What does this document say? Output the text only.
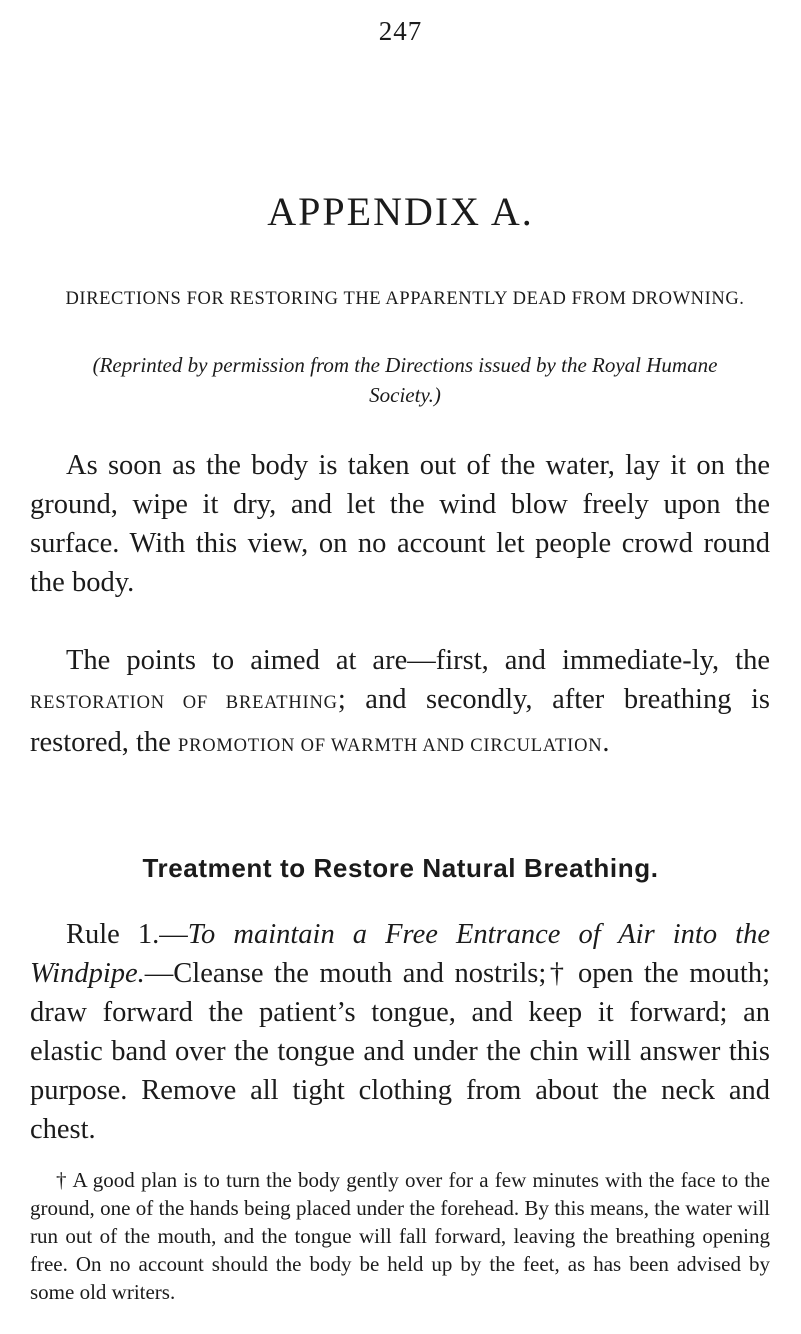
247
APPENDIX A.
DIRECTIONS FOR RESTORING THE APPARENTLY DEAD FROM DROWNING.
(Reprinted by permission from the Directions issued by the Royal Humane Society.)

As soon as the body is taken out of the water, lay it on the ground, wipe it dry, and let the wind blow freely upon the surface. With this view, on no account let people crowd round the body.

The points to aimed at are—first, and immediate-ly, the RESTORATION OF BREATHING; and secondly, after breathing is restored, the PROMOTION OF WARMTH AND CIRCULATION.

Treatment to Restore Natural Breathing.

Rule 1.—To maintain a Free Entrance of Air into the Windpipe.—Cleanse the mouth and nostrils;† open the mouth; draw forward the patient’s tongue, and keep it forward; an elastic band over the tongue and under the chin will answer this purpose. Remove all tight clothing from about the neck and chest.

† A good plan is to turn the body gently over for a few minutes with the face to the ground, one of the hands being placed under the forehead. By this means, the water will run out of the mouth, and the tongue will fall forward, leaving the breathing opening free. On no account should the body be held up by the feet, as has been advised by some old writers.
